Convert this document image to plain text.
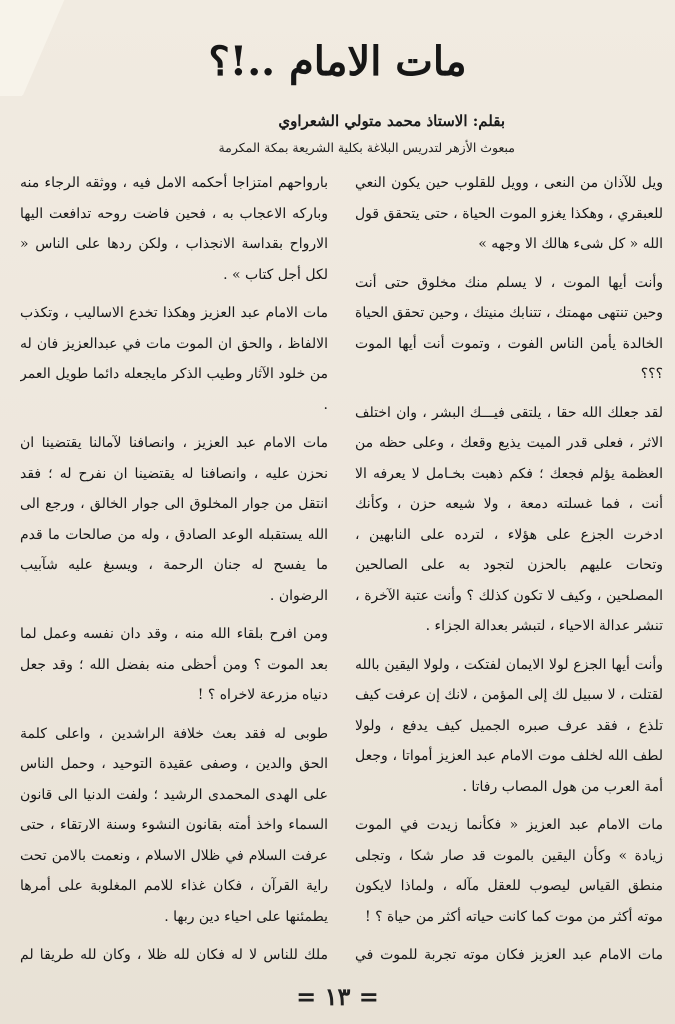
مات الامام ..!؟
بقلم: الاستاذ محمد متولي الشعراوي
مبعوث الأزهر لتدريس البلاغة بكلية الشريعة بمكة المكرمة

ويل للآذان من النعى ، وويل للقلوب حين يكون النعي للعبقري ، وهكذا يغزو الموت الحياة ، حتى يتحقق قول الله « كل شىء هالك الا وجهه »

وأنت أيها الموت ، لا يسلم منك مخلوق حتى أنت وحين تنتهى مهمتك ، تتنابك منيتك ، وحين تحقق الحياة الخالدة يأمن الناس الفوت ، وتموت أنت أيها الموت ؟؟؟

لقد جعلك الله حقا ، يلتقى فيـــك البشر ، وان اختلف الاثر ، فعلى قدر الميت يذيع وقعك ، وعلى حظه من العظمة يؤلم فجعك ؛ فكم ذهبت بخـامل لا يعرفه الا أنت ، فما غسلته دمعة ، ولا شيعه حزن ، وكأنك ادخرت الجزع على هؤلاء ، لترده على النابهين ، وتحات عليهم بالحزن لتجود به على الصالحين المصلحين ، وكيف لا تكون كذلك ؟ وأنت عتبة الآخرة ، تنشر عدالة الاحياء ، لتبشر بعدالة الجزاء .

وأنت أيها الجزع لولا الايمان لفتكت ، ولولا اليقين بالله لقتلت ، لا سبيل لك إلى المؤمن ، لانك إن عرفت كيف تلذع ، فقد عرف صبره الجميل كيف يدفع ، ولولا لطف الله لخلف موت الامام عبد العزيز أمواتا ، وجعل أمة العرب من هول المصاب رفاتا .

مات الامام عبد العزيز « فكأنما زيدت في الموت زيادة » وكأن اليقين بالموت قد صار شكا ، وتجلى منطق القياس ليصوب للعقل مآله ، ولماذا لايكون موته أكثر من موت كما كانت حياته أكثر من حياة ؟ !

مات الامام عبد العزيز فكان موته تجربة للموت في

بارواحهم امتزاجا أحكمه الامل فيه ، ووثقه الرجاء منه وباركه الاعجاب به ، فحين فاضت روحه تدافعت اليها الارواح بقداسة الانجذاب ، ولكن ردها على الناس « لكل أجل كتاب » .

مات الامام عبد العزيز وهكذا تخدع الاساليب ، وتكذب الالفاظ ، والحق ان الموت مات في عبدالعزيز فان له من خلود الآثار وطيب الذكر مايجعله دائما طويل العمر .

مات الامام عبد العزيز ، وانصافنا لآمالنا يقتضينا ان نحزن عليه ، وانصافنا له يقتضينا ان نفرح له ؛ فقد انتقل من جوار المخلوق الى جوار الخالق ، ورجع الى الله يستقبله الوعد الصادق ، وله من صالحات ما قدم ما يفسح له جنان الرحمة ، ويسبغ عليه شآبيب الرضوان .

ومن افرح بلقاء الله منه ، وقد دان نفسه وعمل لما بعد الموت ؟ ومن أحظى منه بفضل الله ؛ وقد جعل دنياه مزرعة لاخراه ؟ !

طوبى له فقد بعث خلافة الراشدين ، واعلى كلمة الحق والدين ، وصفى عقيدة التوحيد ، وحمل الناس على الهدى المحمدى الرشيد ؛ ولفت الدنيا الى قانون السماء واخذ أمته بقانون النشوء وسنة الارتقاء ، حتى عرفت السلام في ظلال الاسلام ، ونعمت بالامن تحت راية القرآن ، فكان غذاء للامم المغلوبة على أمرها يطمئنها على احياء دين ربها .

ملك للناس لا له فكان لله ظلا ، وكان لله طريقا لم

= ١٣ =
